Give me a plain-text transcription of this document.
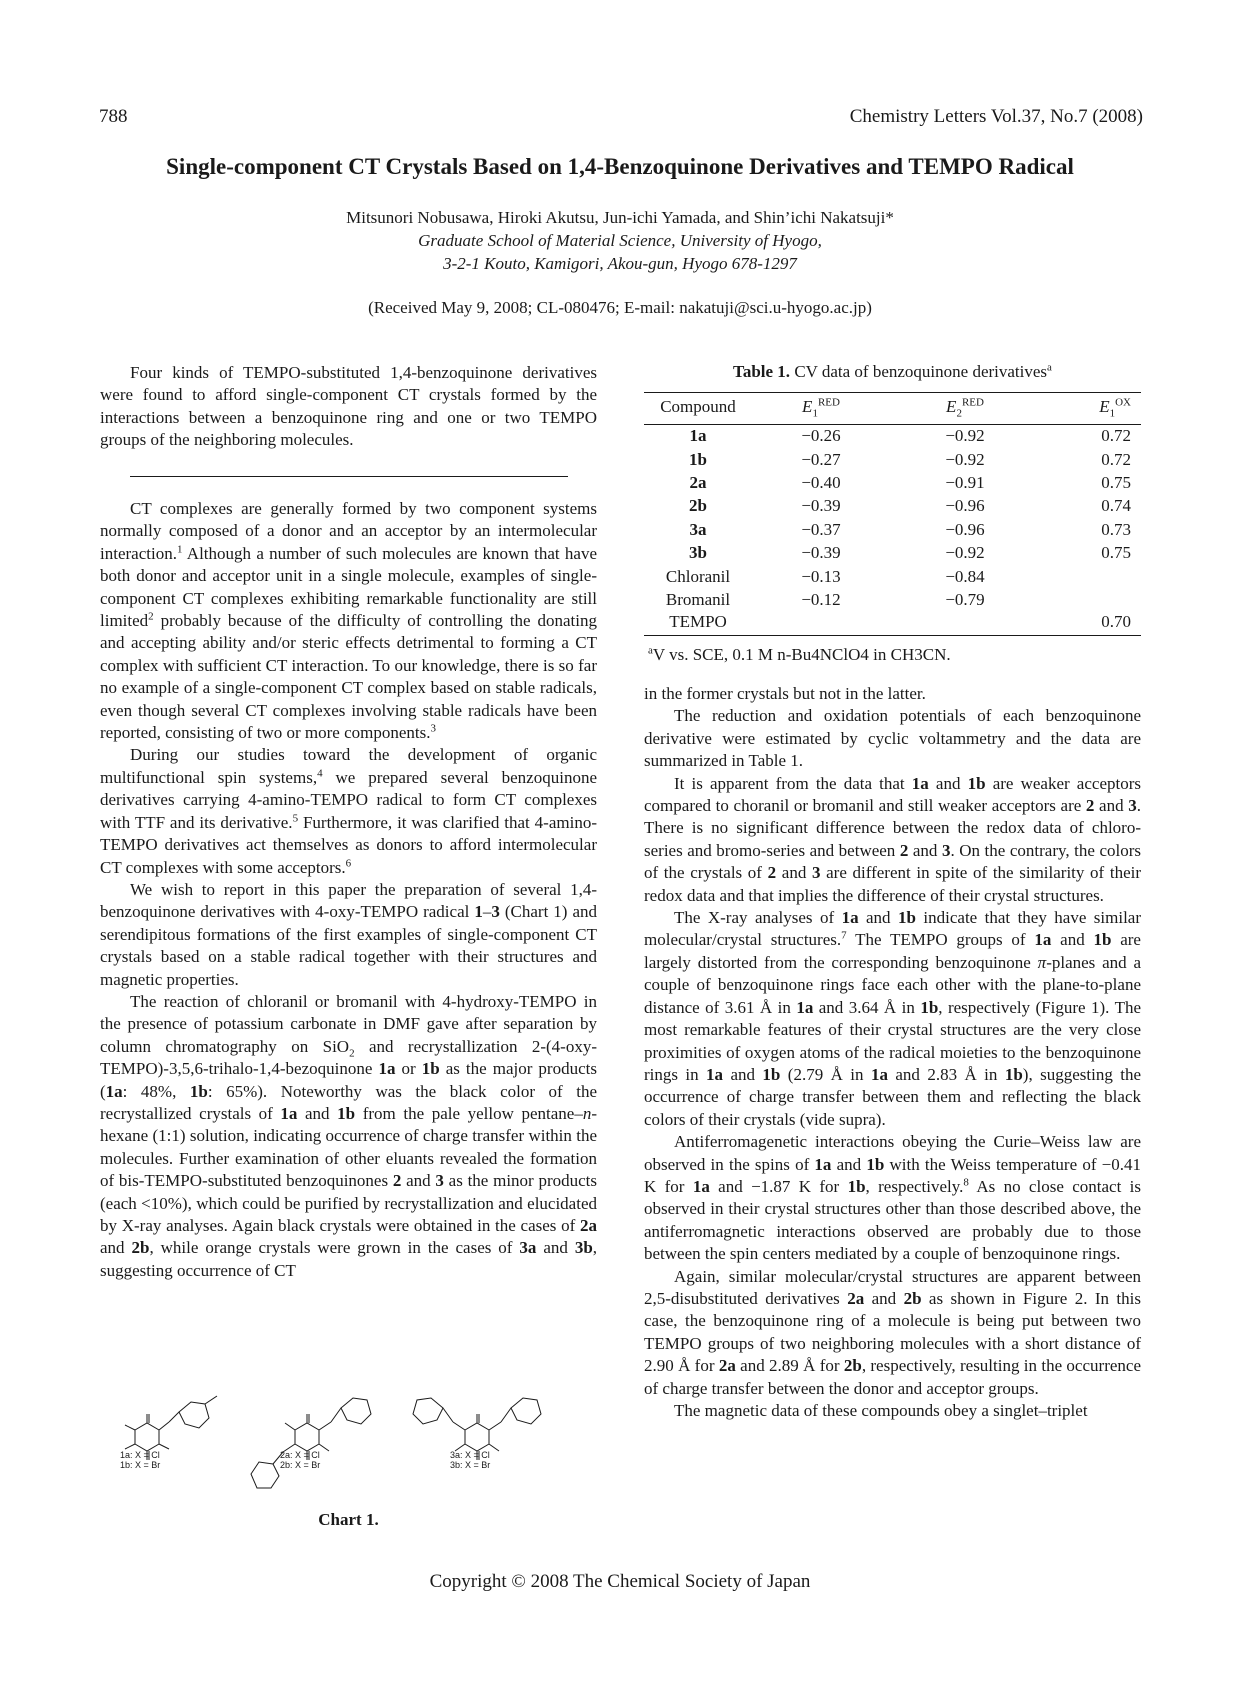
788	Chemistry Letters Vol.37, No.7 (2008)
Single-component CT Crystals Based on 1,4-Benzoquinone Derivatives and TEMPO Radical
Mitsunori Nobusawa, Hiroki Akutsu, Jun-ichi Yamada, and Shin’ichi Nakatsuji*
Graduate School of Material Science, University of Hyogo,
3-2-1 Kouto, Kamigori, Akou-gun, Hyogo 678-1297
(Received May 9, 2008; CL-080476; E-mail: nakatuji@sci.u-hyogo.ac.jp)

Four kinds of TEMPO-substituted 1,4-benzoquinone derivatives were found to afford single-component CT crystals formed by the interactions between a benzoquinone ring and one or two TEMPO groups of the neighboring molecules.

CT complexes are generally formed by two component systems normally composed of a donor and an acceptor by an intermolecular interaction.$^1$ Although a number of such molecules are known that have both donor and acceptor unit in a single molecule, examples of single-component CT complexes exhibiting remarkable functionality are still limited$^2$ probably because of the difficulty of controlling the donating and accepting ability and/or steric effects detrimental to forming a CT complex with sufficient CT interaction. To our knowledge, there is so far no example of a single-component CT complex based on stable radicals, even though several CT complexes involving stable radicals have been reported, consisting of two or more components.$^3$

During our studies toward the development of organic multifunctional spin systems,$^4$ we prepared several benzoquinone derivatives carrying 4-amino-TEMPO radical to form CT complexes with TTF and its derivative.$^5$ Furthermore, it was clarified that 4-amino-TEMPO derivatives act themselves as donors to afford intermolecular CT complexes with some acceptors.$^6$

We wish to report in this paper the preparation of several 1,4-benzoquinone derivatives with 4-oxy-TEMPO radical 1–3 (Chart 1) and serendipitous formations of the first examples of single-component CT crystals based on a stable radical together with their structures and magnetic properties.

The reaction of chloranil or bromanil with 4-hydroxy-TEMPO in the presence of potassium carbonate in DMF gave after separation by column chromatography on SiO$_2$ and recrystallization 2-(4-oxy-TEMPO)-3,5,6-trihalo-1,4-bezoquinone 1a or 1b as the major products (1a: 48%, 1b: 65%). Noteworthy was the black color of the recrystallized crystals of 1a and 1b from the pale yellow pentane–n-hexane (1:1) solution, indicating occurrence of charge transfer within the molecules. Further examination of other eluants revealed the formation of bis-TEMPO-substituted benzoquinones 2 and 3 as the minor products (each <10%), which could be purified by recrystallization and elucidated by X-ray analyses. Again black crystals were obtained in the cases of 2a and 2b, while orange crystals were grown in the cases of 3a and 3b, suggesting occurrence of CT

Table 1. CV data of benzoquinone derivatives$^a$
Compound	$E_1^{RED}$	$E_2^{RED}$	$E_1^{OX}$
1a	−0.26	−0.92	0.72
1b	−0.27	−0.92	0.72
2a	−0.40	−0.91	0.75
2b	−0.39	−0.96	0.74
3a	−0.37	−0.96	0.73
3b	−0.39	−0.92	0.75
Chloranil	−0.13	−0.84	
Bromanil	−0.12	−0.79	
TEMPO			0.70
$^a$V vs. SCE, 0.1 M n-Bu4NClO4 in CH3CN.
in the former crystals but not in the latter.

The reduction and oxidation potentials of each benzoquinone derivative were estimated by cyclic voltammetry and the data are summarized in Table 1.

It is apparent from the data that 1a and 1b are weaker acceptors compared to choranil or bromanil and still weaker acceptors are 2 and 3. There is no significant difference between the redox data of chloro-series and bromo-series and between 2 and 3. On the contrary, the colors of the crystals of 2 and 3 are different in spite of the similarity of their redox data and that implies the difference of their crystal structures.

The X-ray analyses of 1a and 1b indicate that they have similar molecular/crystal structures.$^7$ The TEMPO groups of 1a and 1b are largely distorted from the corresponding benzoquinone π-planes and a couple of benzoquinone rings face each other with the plane-to-plane distance of 3.61 Å in 1a and 3.64 Å in 1b, respectively (Figure 1). The most remarkable features of their crystal structures are the very close proximities of oxygen atoms of the radical moieties to the benzoquinone rings in 1a and 1b (2.79 Å in 1a and 2.83 Å in 1b), suggesting the occurrence of charge transfer between them and reflecting the black colors of their crystals (vide supra).

Antiferromagenetic interactions obeying the Curie–Weiss law are observed in the spins of 1a and 1b with the Weiss temperature of −0.41 K for 1a and −1.87 K for 1b, respectively.$^8$ As no close contact is observed in their crystal structures other than those described above, the antiferromagnetic interactions observed are probably due to those between the spin centers mediated by a couple of benzoquinone rings.

Again, similar molecular/crystal structures are apparent between 2,5-disubstituted derivatives 2a and 2b as shown in Figure 2. In this case, the benzoquinone ring of a molecule is being put between two TEMPO groups of two neighboring molecules with a short distance of 2.90 Å for 2a and 2.89 Å for 2b, respectively, resulting in the occurrence of charge transfer between the donor and acceptor groups.

The magnetic data of these compounds obey a singlet–triplet

1a: X = Cl
1b: X = Br
2a: X = Cl
2b: X = Br
3a: X = Cl
3b: X = Br
Chart 1.
Copyright © 2008 The Chemical Society of Japan
